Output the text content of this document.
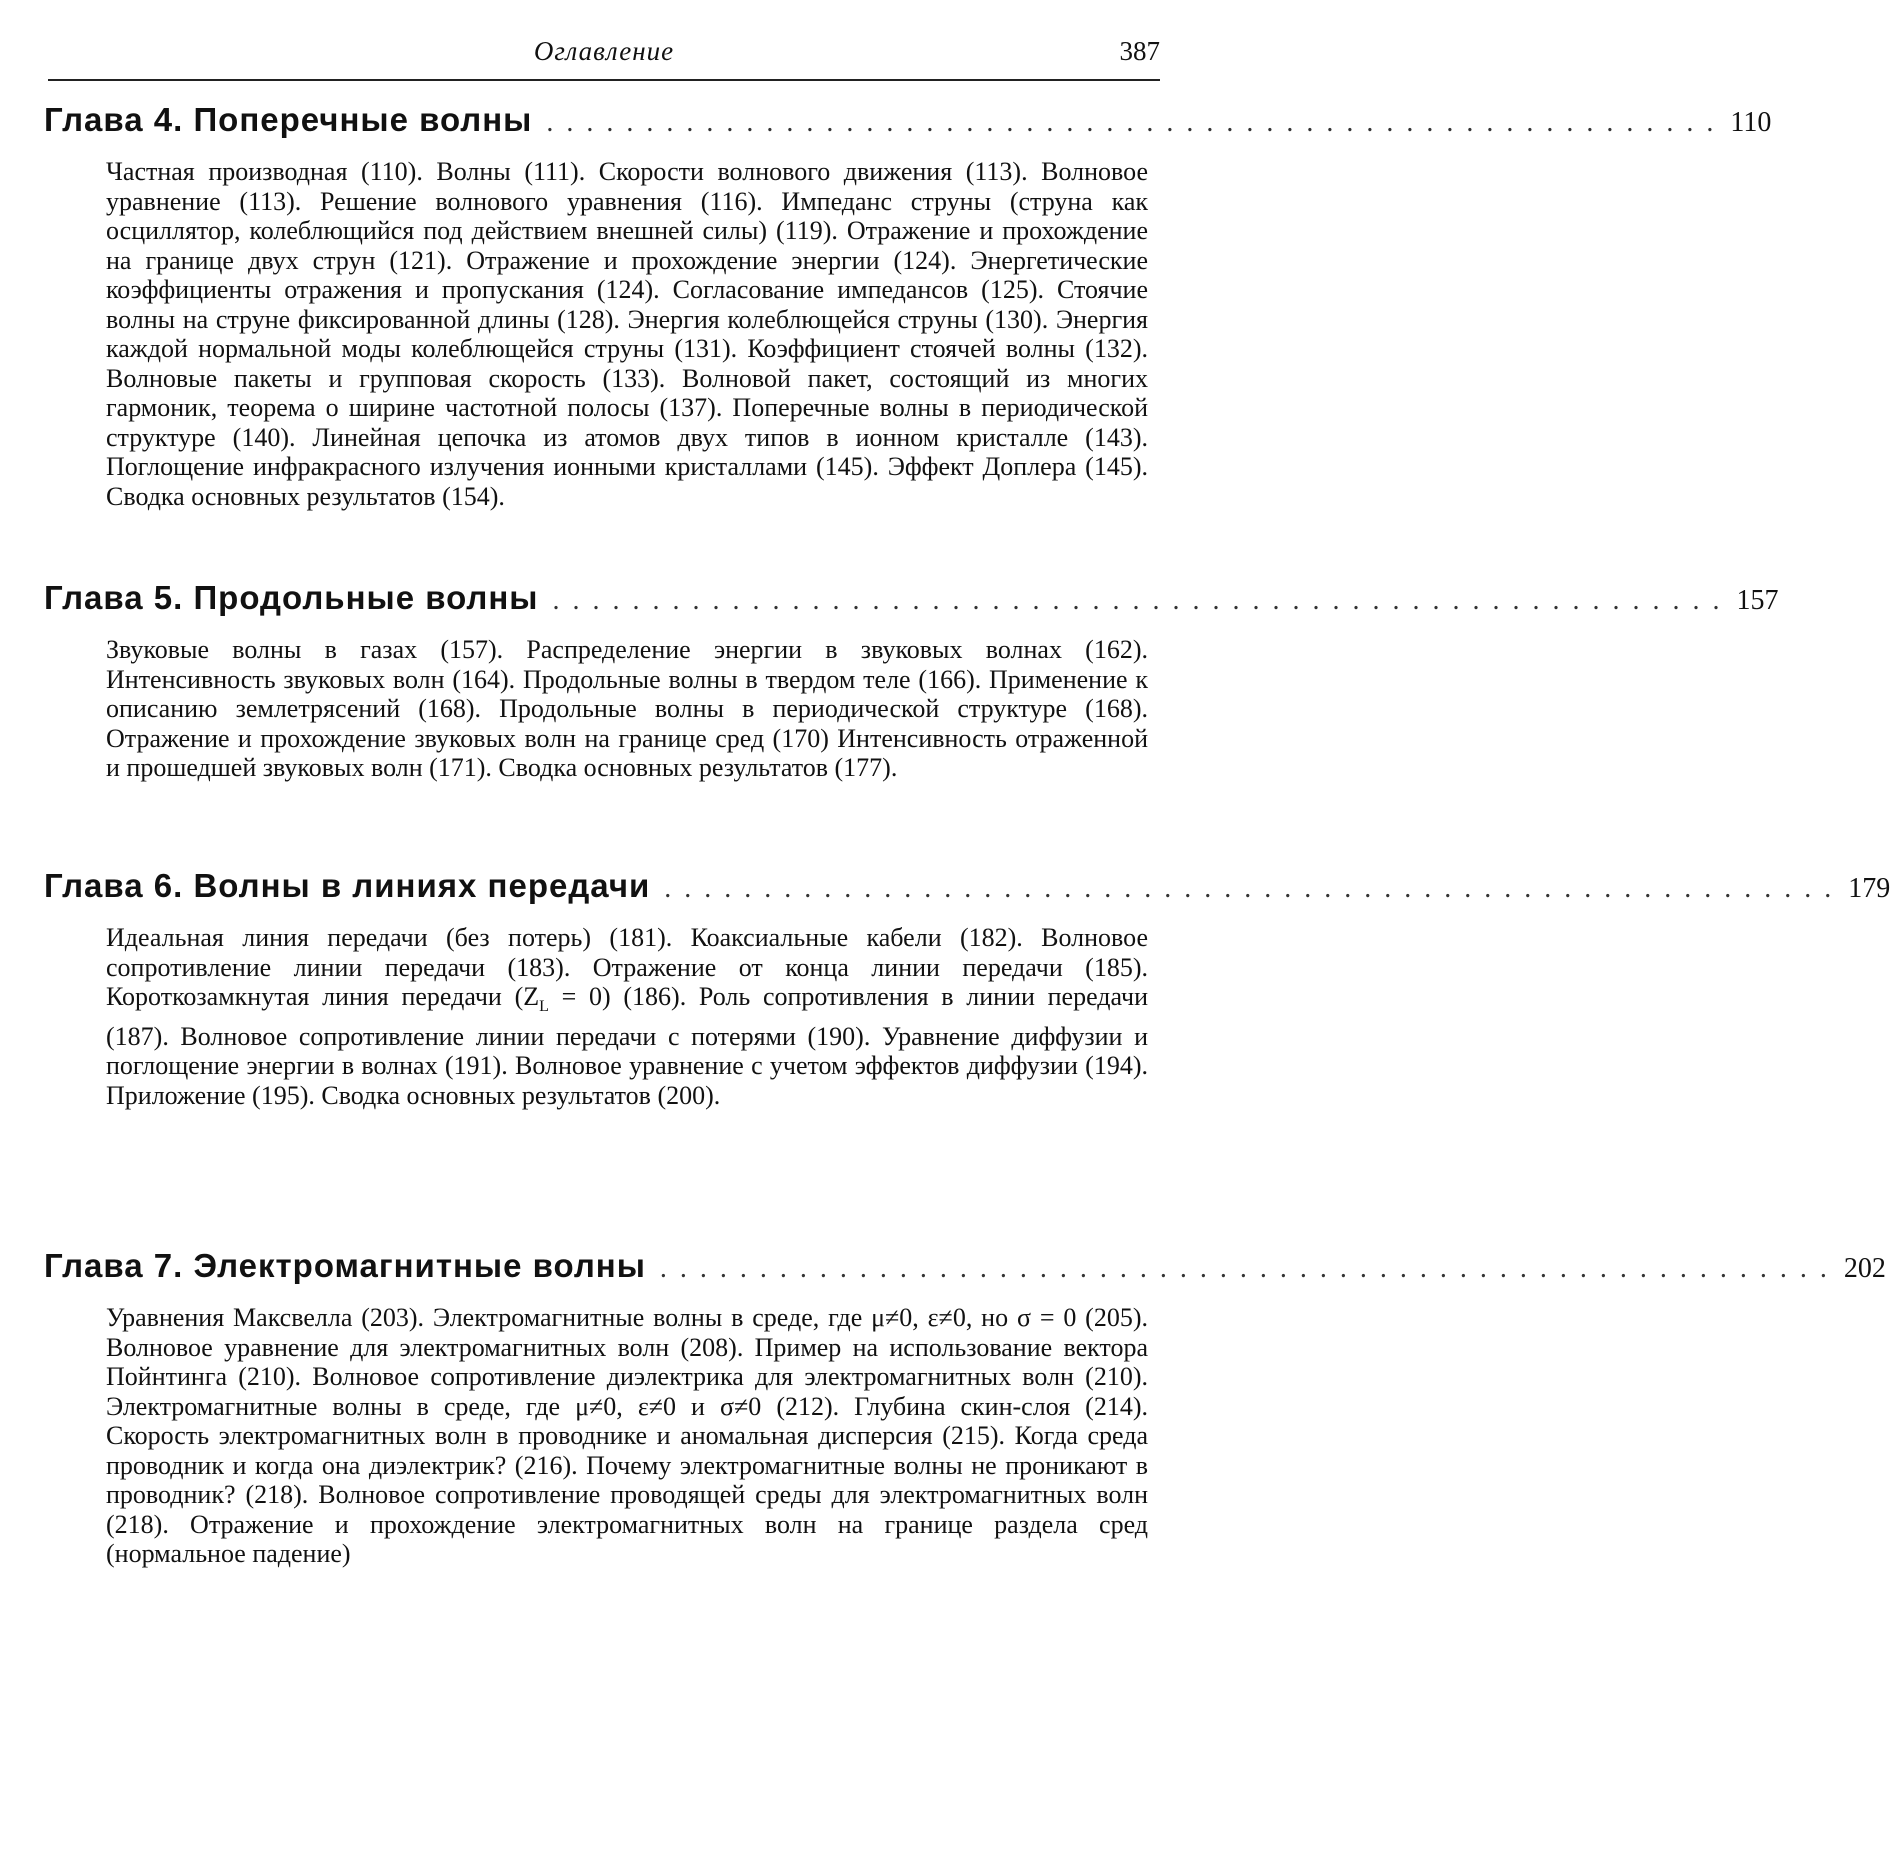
Оглавление	387
Глава 4. Поперечные волны ........................................................... 110
Частная производная (110). Волны (111). Скорости волнового движения (113). Волновое уравнение (113). Решение волнового уравнения (116). Импеданс струны (струна как осциллятор, колеблющийся под действием внешней силы) (119). Отражение и прохождение на границе двух струн (121). Отражение и прохождение энергии (124). Энергетические коэффициенты отражения и пропускания (124). Согласование импедансов (125). Стоячие волны на струне фиксированной длины (128). Энергия колеблющейся струны (130). Энергия каждой нормальной моды колеблющейся струны (131). Коэффициент стоячей волны (132). Волновые пакеты и групповая скорость (133). Волновой пакет, состоящий из многих гармоник, теорема о ширине частотной полосы (137). Поперечные волны в периодической структуре (140). Линейная цепочка из атомов двух типов в ионном кристалле (143). Поглощение инфракрасного излучения ионными кристаллами (145). Эффект Доплера (145). Сводка основных результатов (154).
Глава 5. Продольные волны ........................................................... 157
Звуковые волны в газах (157). Распределение энергии в звуковых волнах (162). Интенсивность звуковых волн (164). Продольные волны в твердом теле (166). Применение к описанию землетрясений (168). Продольные волны в периодической структуре (168). Отражение и прохождение звуковых волн на границе сред (170) Интенсивность отраженной и прошедшей звуковых волн (171). Сводка основных результатов (177).
Глава 6. Волны в линиях передачи ........................................................... 179
Идеальная линия передачи (без потерь) (181). Коаксиальные кабели (182). Волновое сопротивление линии передачи (183). Отражение от конца линии передачи (185). Короткозамкнутая линия передачи $(Z_L = 0)$ (186). Роль сопротивления в линии передачи (187). Волновое сопротивление линии передачи с потерями (190). Уравнение диффузии и поглощение энергии в волнах (191). Волновое уравнение с учетом эффектов диффузии (194). Приложение (195). Сводка основных результатов (200).
Глава 7. Электромагнитные волны ........................................................... 202
Уравнения Максвелла (203). Электромагнитные волны в среде, где μ≠0, ε≠0, но σ = 0 (205). Волновое уравнение для электромагнитных волн (208). Пример на использование вектора Пойнтинга (210). Волновое сопротивление диэлектрика для электромагнитных волн (210). Электромагнитные волны в среде, где μ≠0, ε≠0 и σ≠0 (212). Глубина скин-слоя (214). Скорость электромагнитных волн в проводнике и аномальная дисперсия (215). Когда среда проводник и когда она диэлектрик? (216). Почему электромагнитные волны не проникают в проводник? (218). Волновое сопротивление проводящей среды для электромагнитных волн (218). Отражение и прохождение электромагнитных волн на границе раздела сред (нормальное падение)
